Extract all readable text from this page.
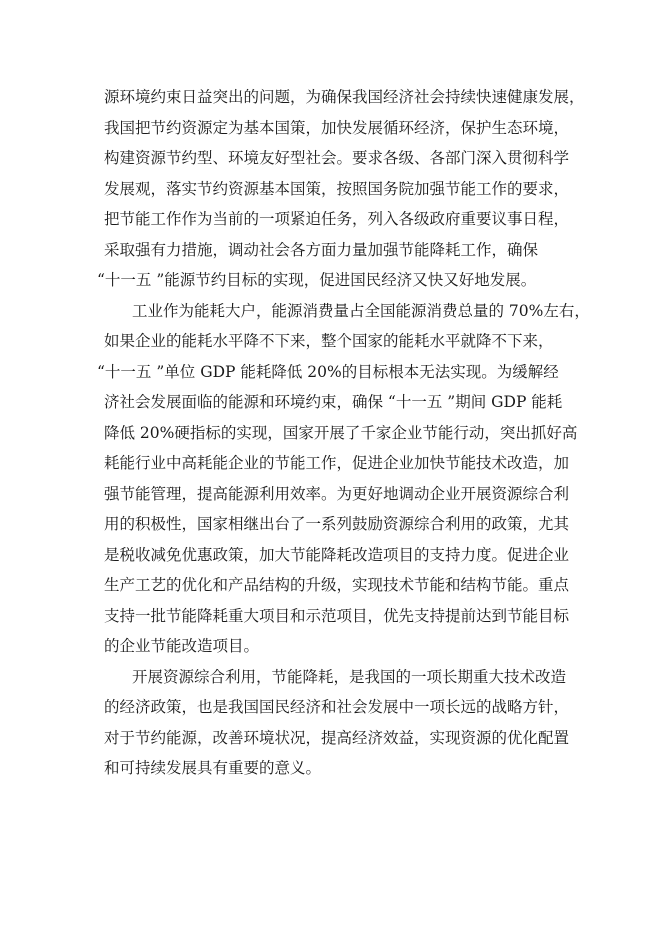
源环境约束日益突出的问题，为确保我国经济社会持续快速健康发展，
我国把节约资源定为基本国策，加快发展循环经济，保护生态环境，
构建资源节约型、环境友好型社会。要求各级、各部门深入贯彻科学
发展观，落实节约资源基本国策，按照国务院加强节能工作的要求，
把节能工作作为当前的一项紧迫任务，列入各级政府重要议事日程，
采取强有力措施，调动社会各方面力量加强节能降耗工作，确保
“十一五 ”能源节约目标的实现，促进国民经济又快又好地发展。
工业作为能耗大户，能源消费量占全国能源消费总量的 70%左右，
如果企业的能耗水平降不下来，整个国家的能耗水平就降不下来，
“十一五 ”单位 GDP 能耗降低 20%的目标根本无法实现。为缓解经
济社会发展面临的能源和环境约束，确保 “十一五 ”期间 GDP 能耗
降低 20%硬指标的实现，国家开展了千家企业节能行动，突出抓好高
耗能行业中高耗能企业的节能工作，促进企业加快节能技术改造，加
强节能管理，提高能源利用效率。为更好地调动企业开展资源综合利
用的积极性，国家相继出台了一系列鼓励资源综合利用的政策，尤其
是税收减免优惠政策，加大节能降耗改造项目的支持力度。促进企业
生产工艺的优化和产品结构的升级，实现技术节能和结构节能。重点
支持一批节能降耗重大项目和示范项目，优先支持提前达到节能目标
的企业节能改造项目。
开展资源综合利用，节能降耗，是我国的一项长期重大技术改造
的经济政策，也是我国国民经济和社会发展中一项长远的战略方针，
对于节约能源，改善环境状况，提高经济效益，实现资源的优化配置
和可持续发展具有重要的意义。
